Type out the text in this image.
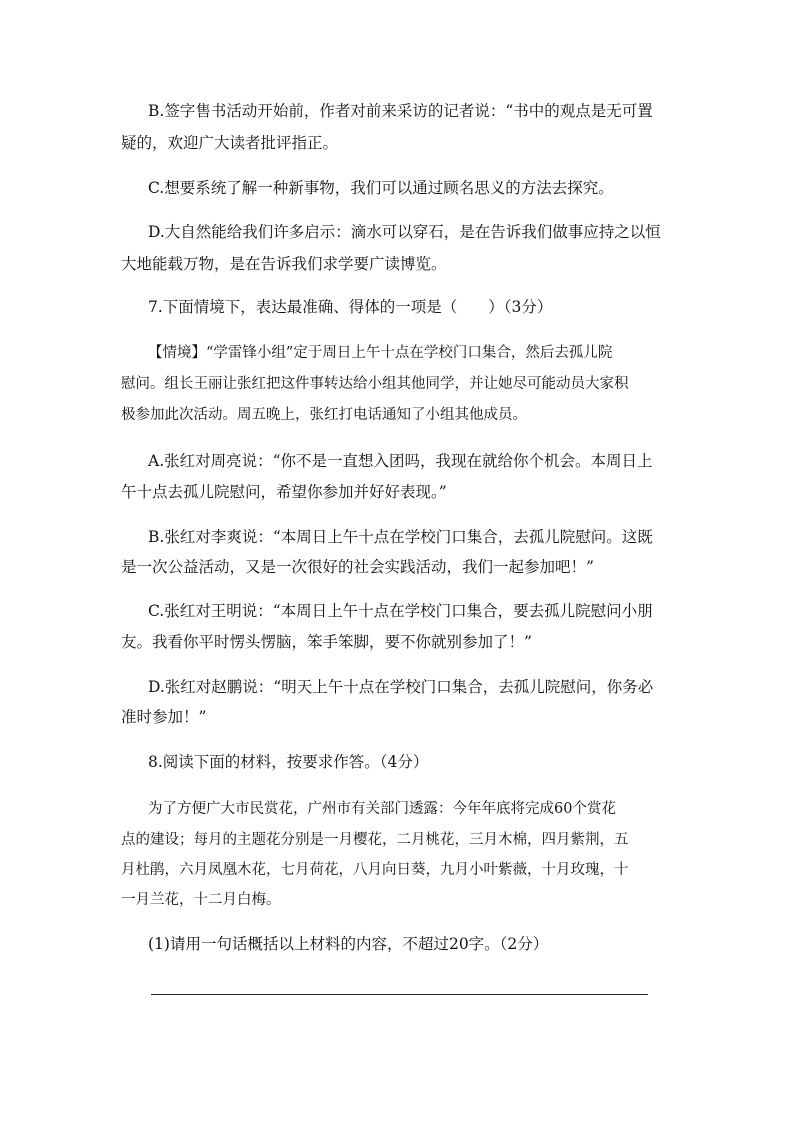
B.签字售书活动开始前，作者对前来采访的记者说：“书中的观点是无可置
疑的，欢迎广大读者批评指正。
C.想要系统了解一种新事物，我们可以通过顾名思义的方法去探究。
D.大自然能给我们许多启示：滴水可以穿石，是在告诉我们做事应持之以恒
大地能载万物，是在告诉我们求学要广读博览。
7.下面情境下，表达最准确、得体的一项是（　　）（3分）
【情境】“学雷锋小组”定于周日上午十点在学校门口集合，然后去孤儿院
慰问。组长王丽让张红把这件事转达给小组其他同学，并让她尽可能动员大家积
极参加此次活动。周五晚上，张红打电话通知了小组其他成员。
A.张红对周亮说：“你不是一直想入团吗，我现在就给你个机会。本周日上
午十点去孤儿院慰问，希望你参加并好好表现。”
B.张红对李爽说：“本周日上午十点在学校门口集合，去孤儿院慰问。这既
是一次公益活动，又是一次很好的社会实践活动，我们一起参加吧！”
C.张红对王明说：“本周日上午十点在学校门口集合，要去孤儿院慰问小朋
友。我看你平时愣头愣脑，笨手笨脚，要不你就别参加了！”
D.张红对赵鹏说：“明天上午十点在学校门口集合，去孤儿院慰问，你务必
准时参加！”
8.阅读下面的材料，按要求作答。（4分）
为了方便广大市民赏花，广州市有关部门透露：今年年底将完成60个赏花
点的建设；每月的主题花分别是一月樱花，二月桃花，三月木棉，四月紫荆，五
月杜鹃，六月凤凰木花，七月荷花，八月向日葵，九月小叶紫薇，十月玫瑰，十
一月兰花，十二月白梅。
(1)请用一句话概括以上材料的内容，不超过20字。（2分）
